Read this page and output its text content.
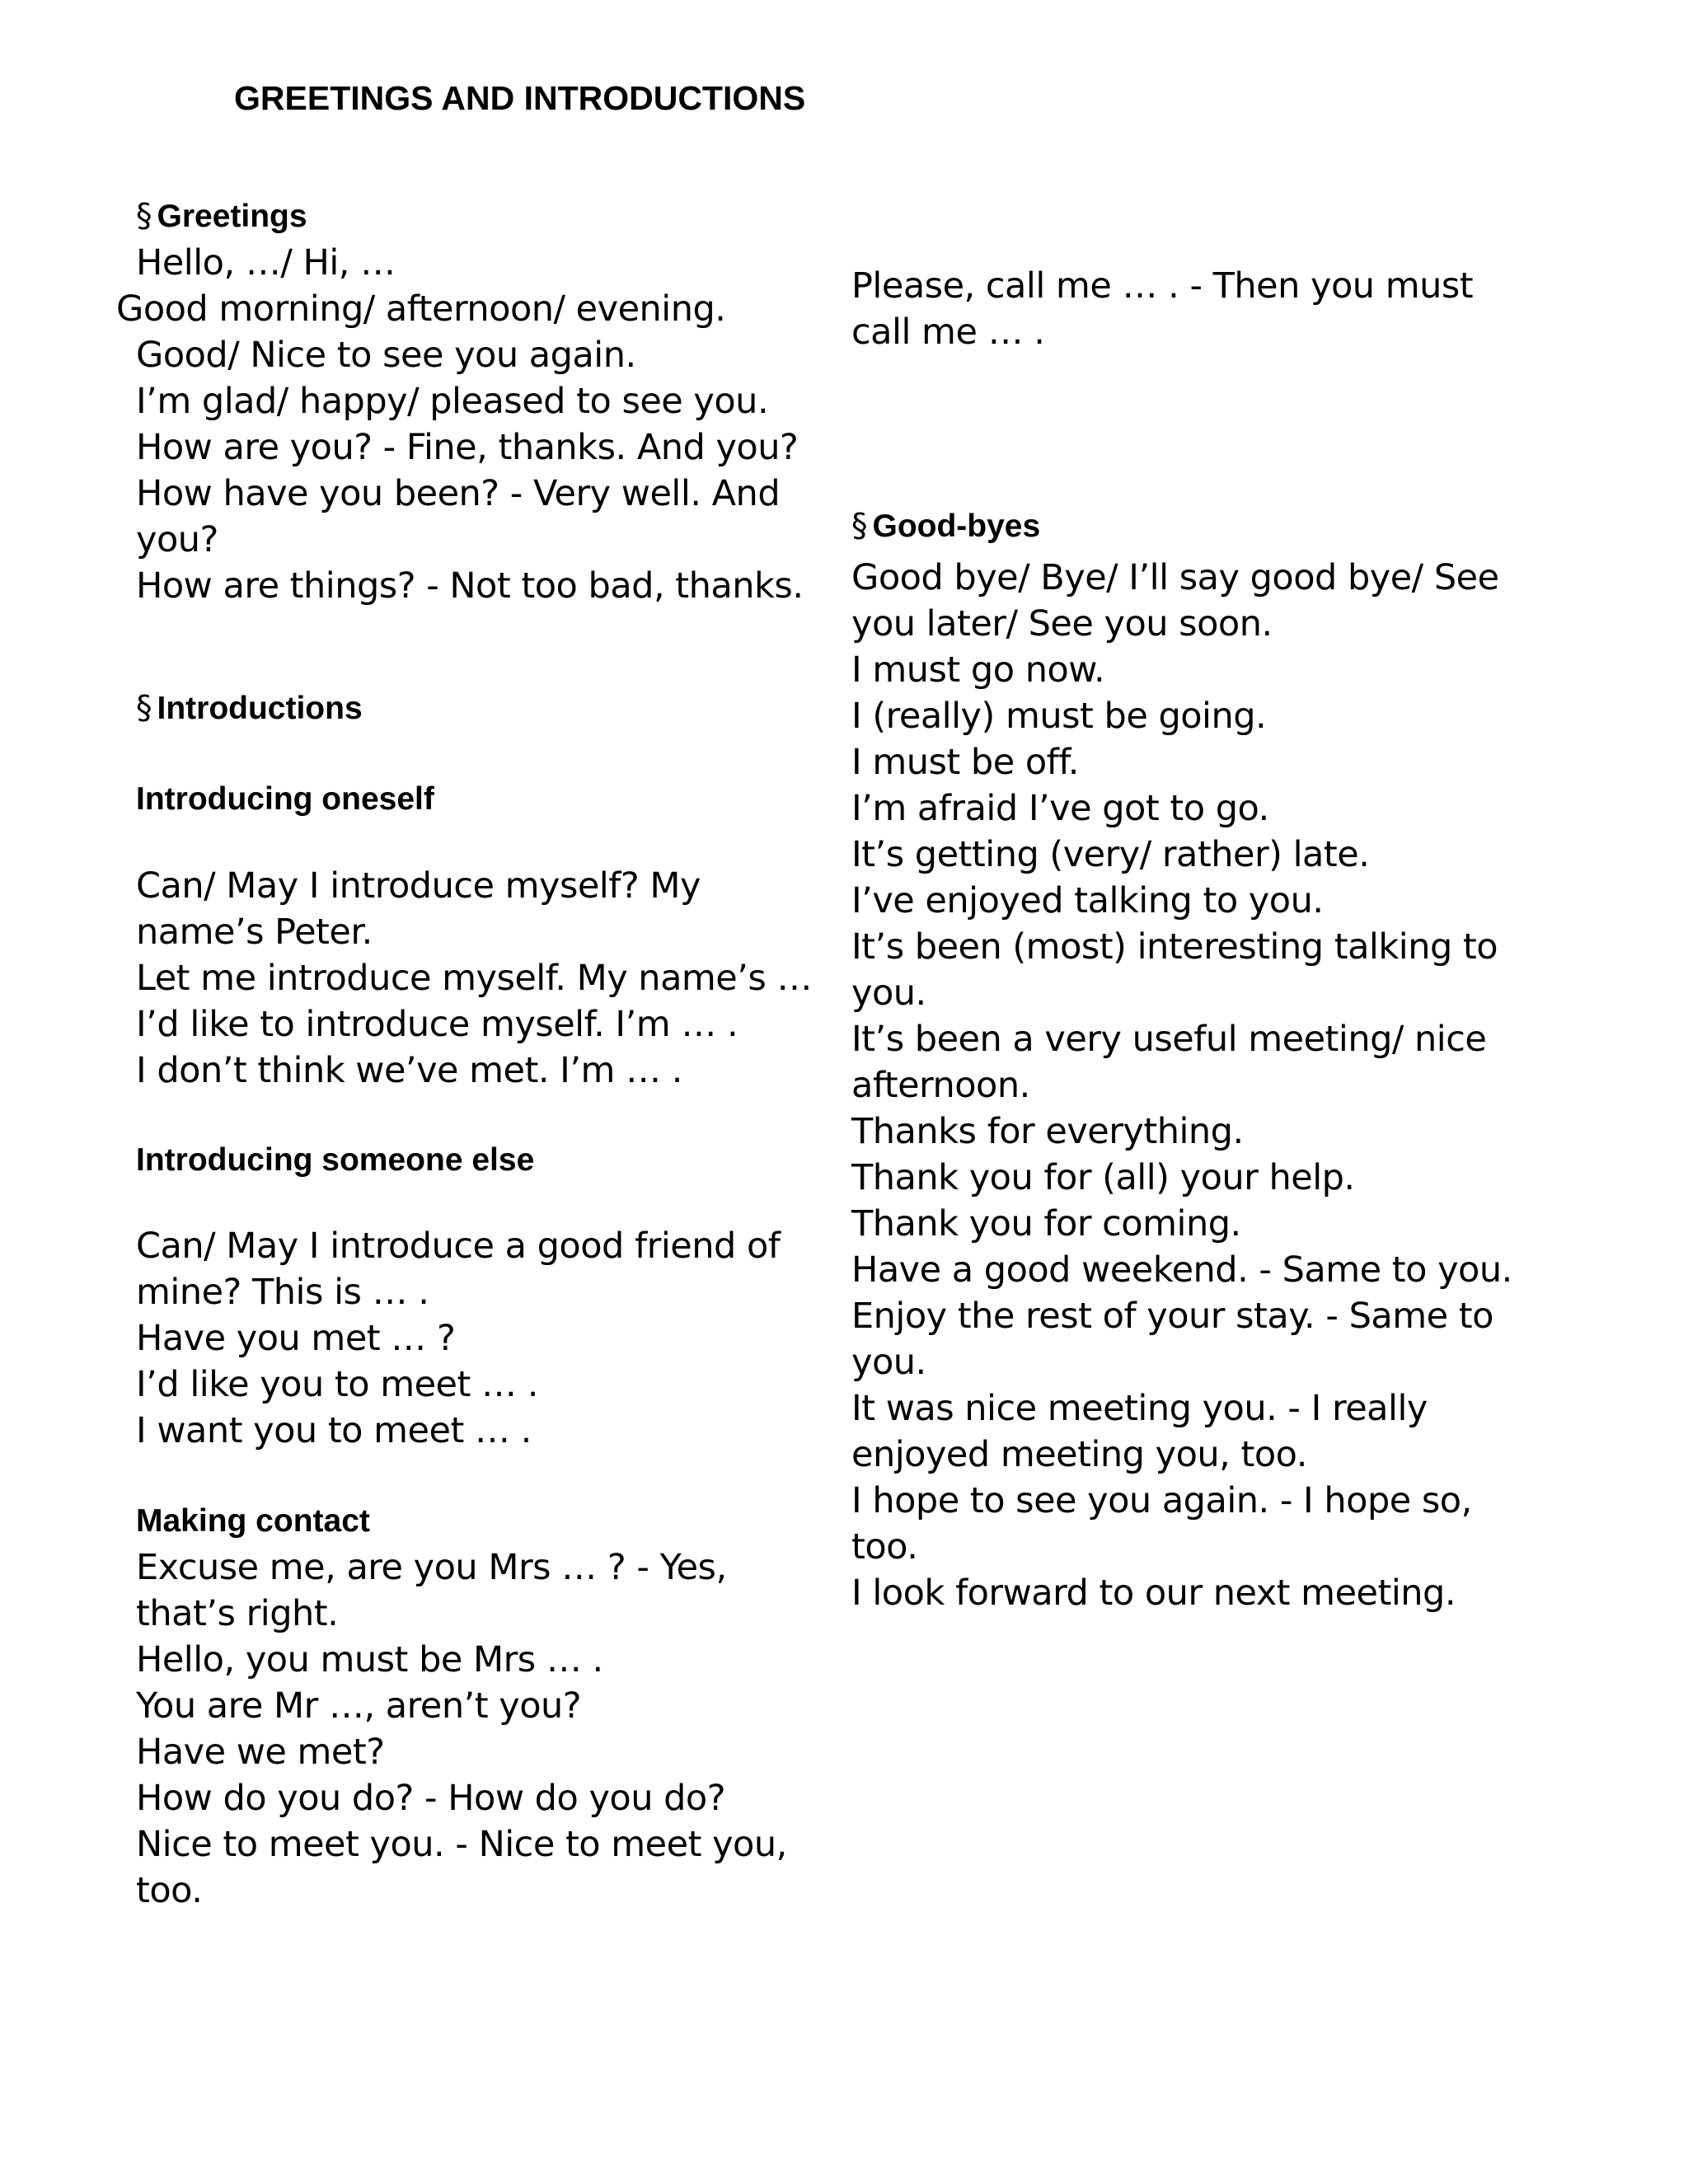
GREETINGS AND INTRODUCTIONS
§ Greetings
Hello, …/ Hi, …
Good morning/ afternoon/ evening.
Good/ Nice to see you again.
I’m glad/ happy/ pleased to see you.
How are you? - Fine, thanks. And you?
How have you been? - Very well. And
you?
How are things? - Not too bad, thanks.
§ Introductions
Introducing oneself
Can/ May I introduce myself? My
name’s Peter.
Let me introduce myself. My name’s …
I’d like to introduce myself. I’m … .
I don’t think we’ve met. I’m … .
Introducing someone else
Can/ May I introduce a good friend of
mine? This is … .
Have you met … ?
I’d like you to meet … .
I want you to meet … .
Making contact
Excuse me, are you Mrs … ? - Yes,
that’s right.
Hello, you must be Mrs … .
You are Mr …, aren’t you?
Have we met?
How do you do? - How do you do?
Nice to meet you. - Nice to meet you,
too.
Please, call me … . - Then you must
call me … .
§ Good-byes
Good bye/ Bye/ I’ll say good bye/ See
you later/ See you soon.
I must go now.
I (really) must be going.
I must be off.
I’m afraid I’ve got to go.
It’s getting (very/ rather) late.
I’ve enjoyed talking to you.
It’s been (most) interesting talking to
you.
It’s been a very useful meeting/ nice
afternoon.
Thanks for everything.
Thank you for (all) your help.
Thank you for coming.
Have a good weekend. - Same to you.
Enjoy the rest of your stay. - Same to
you.
It was nice meeting you. - I really
enjoyed meeting you, too.
I hope to see you again. - I hope so,
too.
I look forward to our next meeting.
